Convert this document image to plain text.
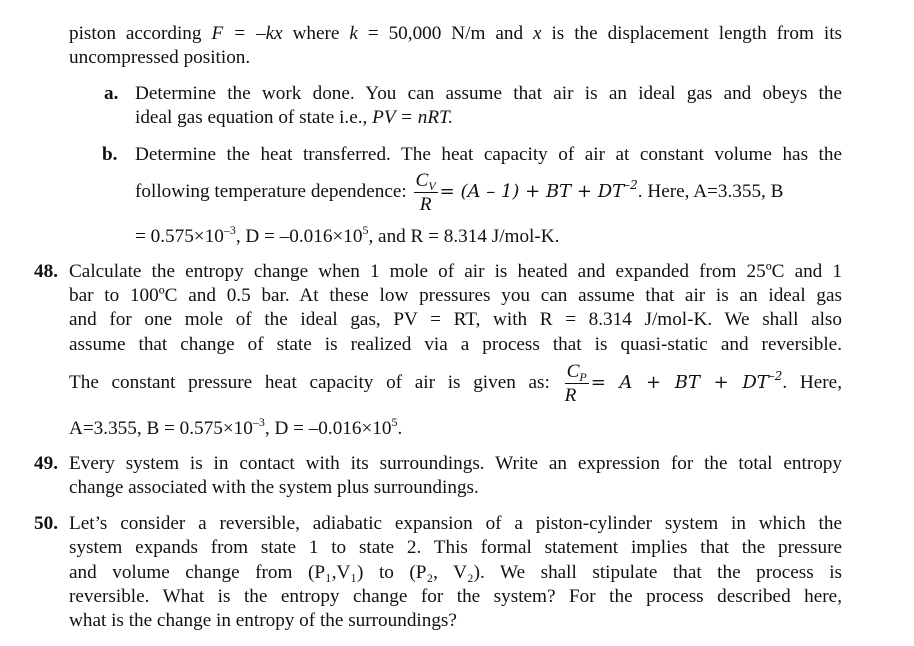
piston according F = –kx where k = 50,000 N/m and x is the displacement length from its
uncompressed position.
a. Determine the work done. You can assume that air is an ideal gas and obeys the
ideal gas equation of state i.e., PV = nRT.
b. Determine the heat transferred. The heat capacity of air at constant volume has the
following temperature dependence: $\frac{C_V}{R} = (A - 1)$ + BT + $DT^{-2}$. Here, A=3.355, B
= $0.575\times 10^{-3}$, $D = -0.016\times 10^5$, and R = 8.314 J/mol-K.
48. Calculate the entropy change when 1 mole of air is heated and expanded from 25ºC and 1
bar to 100ºC and 0.5 bar. At these low pressures you can assume that air is an ideal gas
and for one mole of the ideal gas, PV = RT, with R = 8.314 J/mol-K. We shall also
assume that change of state is realized via a process that is quasi-static and reversible.
The constant pressure heat capacity of air is given as: $\frac{C_P}{R} = A$ + BT + $DT^{-2}$. Here,
A=3.355, $B = 0.575\times 10^{-3}$, $D = -0.016\times 10^5$.
49. Every system is in contact with its surroundings. Write an expression for the total entropy
change associated with the system plus surroundings.
50. Let’s consider a reversible, adiabatic expansion of a piston-cylinder system in which the
system expands from state 1 to state 2. This formal statement implies that the pressure
and volume change from (P₁,V₁) to (P₂, V₂). We shall stipulate that the process is
reversible. What is the entropy change for the system? For the process described here,
what is the change in entropy of the surroundings?
